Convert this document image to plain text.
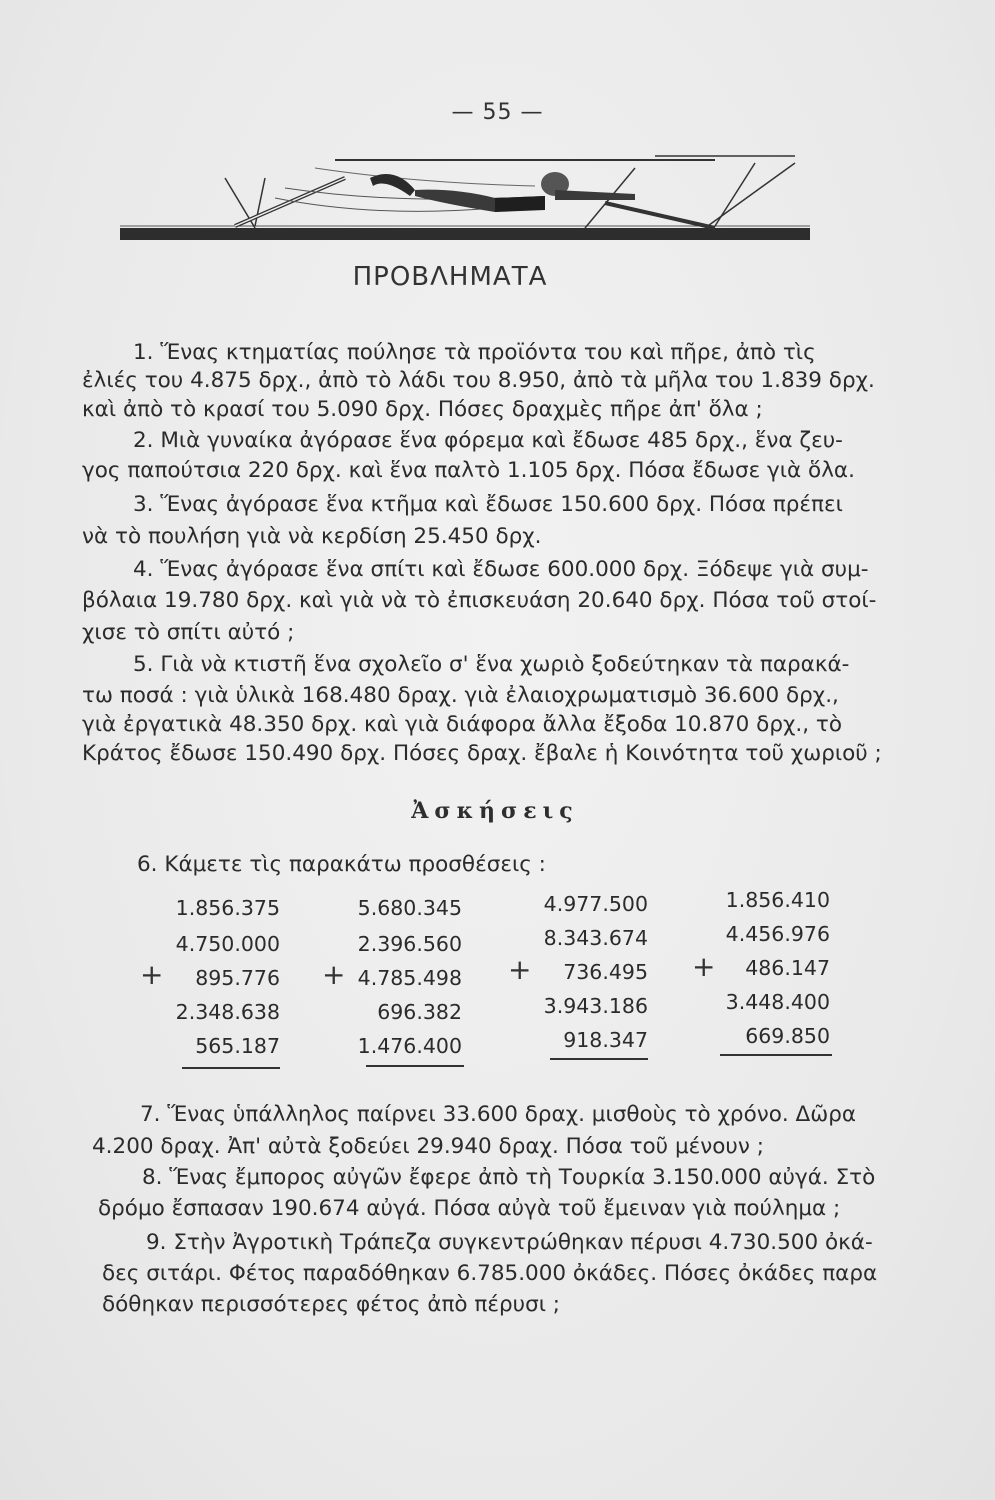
— 55 —
ΠΡΟΒΛΗΜΑΤΑ
1. Ἕνας κτηματίας πούλησε τὰ προϊόντα του καὶ πῆρε, ἀπὸ τὶς
ἐλιές του 4.875 δρχ., ἀπὸ τὸ λάδι του 8.950, ἀπὸ τὰ μῆλα του 1.839 δρχ.
καὶ ἀπὸ τὸ κρασί του 5.090 δρχ. Πόσες δραχμὲς πῆρε ἀπ' ὅλα ;
2. Μιὰ γυναίκα ἀγόρασε ἕνα φόρεμα καὶ ἔδωσε 485 δρχ., ἕνα ζευ-
γος παπούτσια 220 δρχ. καὶ ἕνα παλτὸ 1.105 δρχ. Πόσα ἔδωσε γιὰ ὅλα.
3. Ἕνας ἀγόρασε ἕνα κτῆμα καὶ ἔδωσε 150.600 δρχ. Πόσα πρέπει
νὰ τὸ πουλήση γιὰ νὰ κερδίση 25.450 δρχ.
4. Ἕνας ἀγόρασε ἕνα σπίτι καὶ ἔδωσε 600.000 δρχ. Ξόδεψε γιὰ συμ-
βόλαια 19.780 δρχ. καὶ γιὰ νὰ τὸ ἐπισκευάση 20.640 δρχ. Πόσα τοῦ στοί-
χισε τὸ σπίτι αὐτό ;
5. Γιὰ νὰ κτιστῆ ἕνα σχολεῖο σ' ἕνα χωριὸ ξοδεύτηκαν τὰ παρακά-
τω ποσά : γιὰ ὑλικὰ 168.480 δραχ. γιὰ ἐλαιοχρωματισμὸ 36.600 δρχ.,
γιὰ ἐργατικὰ 48.350 δρχ. καὶ γιὰ διάφορα ἄλλα ἔξοδα 10.870 δρχ., τὸ
Κράτος ἔδωσε 150.490 δρχ. Πόσες δραχ. ἔβαλε ἡ Κοινότητα τοῦ χωριοῦ ;
Ἀσκήσεις
6. Κάμετε τὶς παρακάτω προσθέσεις :
1.856.375
4.750.000
895.776
2.348.638
565.187
+
5.680.345
2.396.560
4.785.498
696.382
1.476.400
+
4.977.500
8.343.674
736.495
3.943.186
918.347
+
1.856.410
4.456.976
486.147
3.448.400
669.850
+
7. Ἕνας ὑπάλληλος παίρνει 33.600 δραχ. μισθοὺς τὸ χρόνο. Δῶρα
4.200 δραχ. Ἀπ' αὐτὰ ξοδεύει 29.940 δραχ. Πόσα τοῦ μένουν ;
8. Ἕνας ἔμπορος αὐγῶν ἔφερε ἀπὸ τὴ Τουρκία 3.150.000 αὐγά. Στὸ
δρόμο ἔσπασαν 190.674 αὐγά. Πόσα αὐγὰ τοῦ ἔμειναν γιὰ πούλημα ;
9. Στὴν Ἀγροτικὴ Τράπεζα συγκεντρώθηκαν πέρυσι 4.730.500 ὀκά-
δες σιτάρι. Φέτος παραδόθηκαν 6.785.000 ὀκάδες. Πόσες ὀκάδες παρα
δόθηκαν περισσότερες φέτος ἀπὸ πέρυσι ;
